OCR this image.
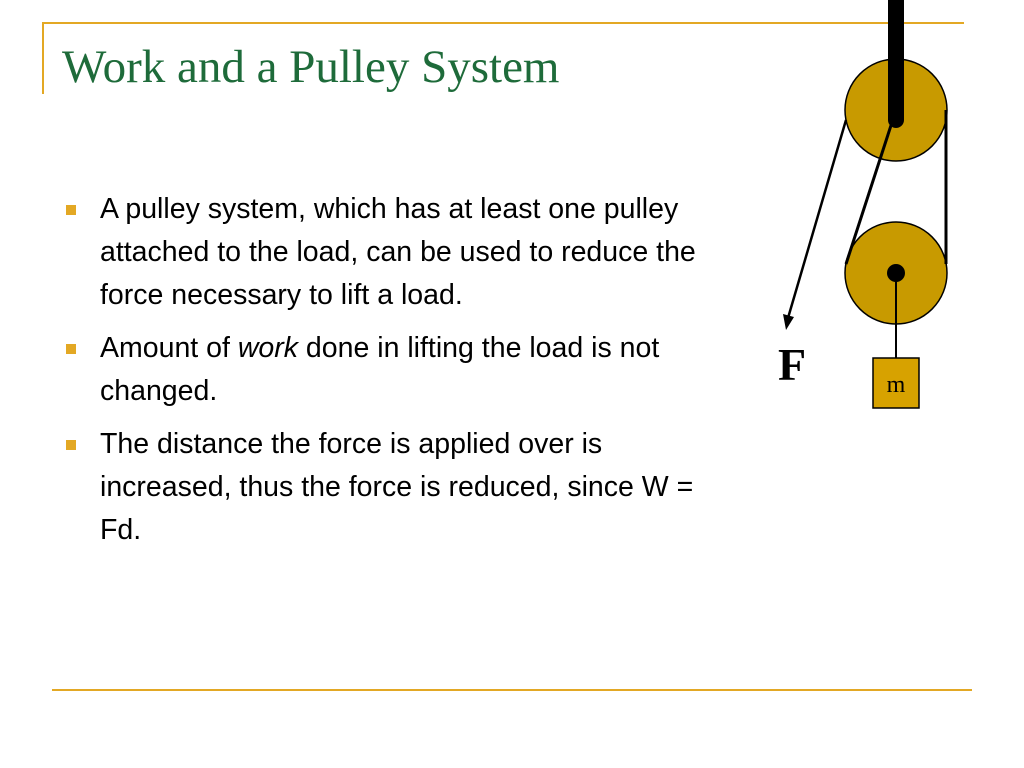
Work and a Pulley System
A pulley system, which has at least one pulley attached to the load, can be used to reduce the force necessary to lift a load.
Amount of work done in lifting the load is not changed.
The distance the force is applied over is increased, thus the force is reduced, since W = Fd.
m
F
